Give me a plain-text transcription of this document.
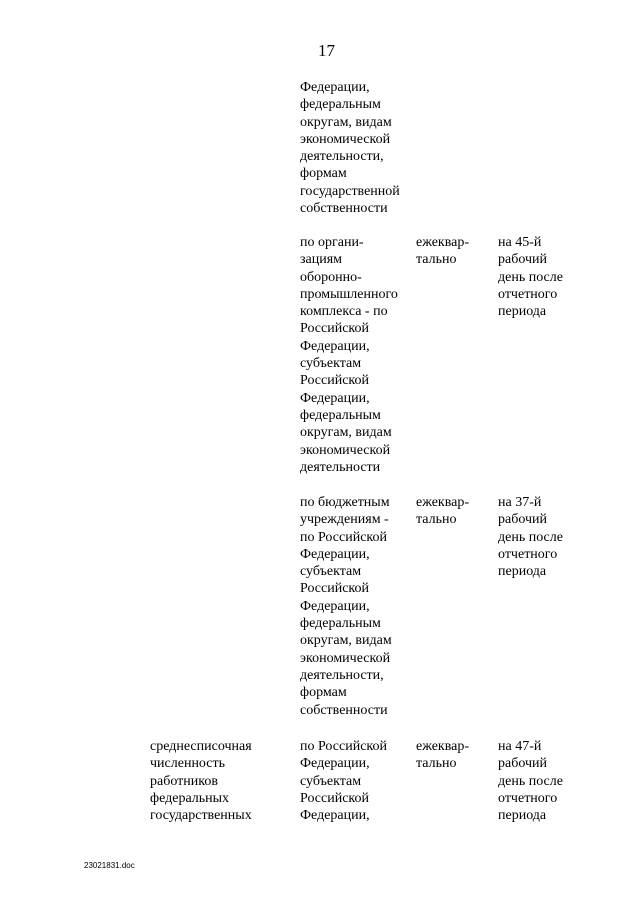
17
Федерации,
федеральным
округам, видам
экономической
деятельности,
формам
государственной
собственности
по органи-
зациям
оборонно-
промышленного
комплекса - по
Российской
Федерации,
субъектам
Российской
Федерации,
федеральным
округам, видам
экономической
деятельности
ежеквар-
тально
на 45-й
рабочий
день после
отчетного
периода
по бюджетным
учреждениям -
по Российской
Федерации,
субъектам
Российской
Федерации,
федеральным
округам, видам
экономической
деятельности,
формам
собственности
ежеквар-
тально
на 37-й
рабочий
день после
отчетного
периода
среднесписочная
численность
работников
федеральных
государственных
по Российской
Федерации,
субъектам
Российской
Федерации,
ежеквар-
тально
на 47-й
рабочий
день после
отчетного
периода
23021831.doc
